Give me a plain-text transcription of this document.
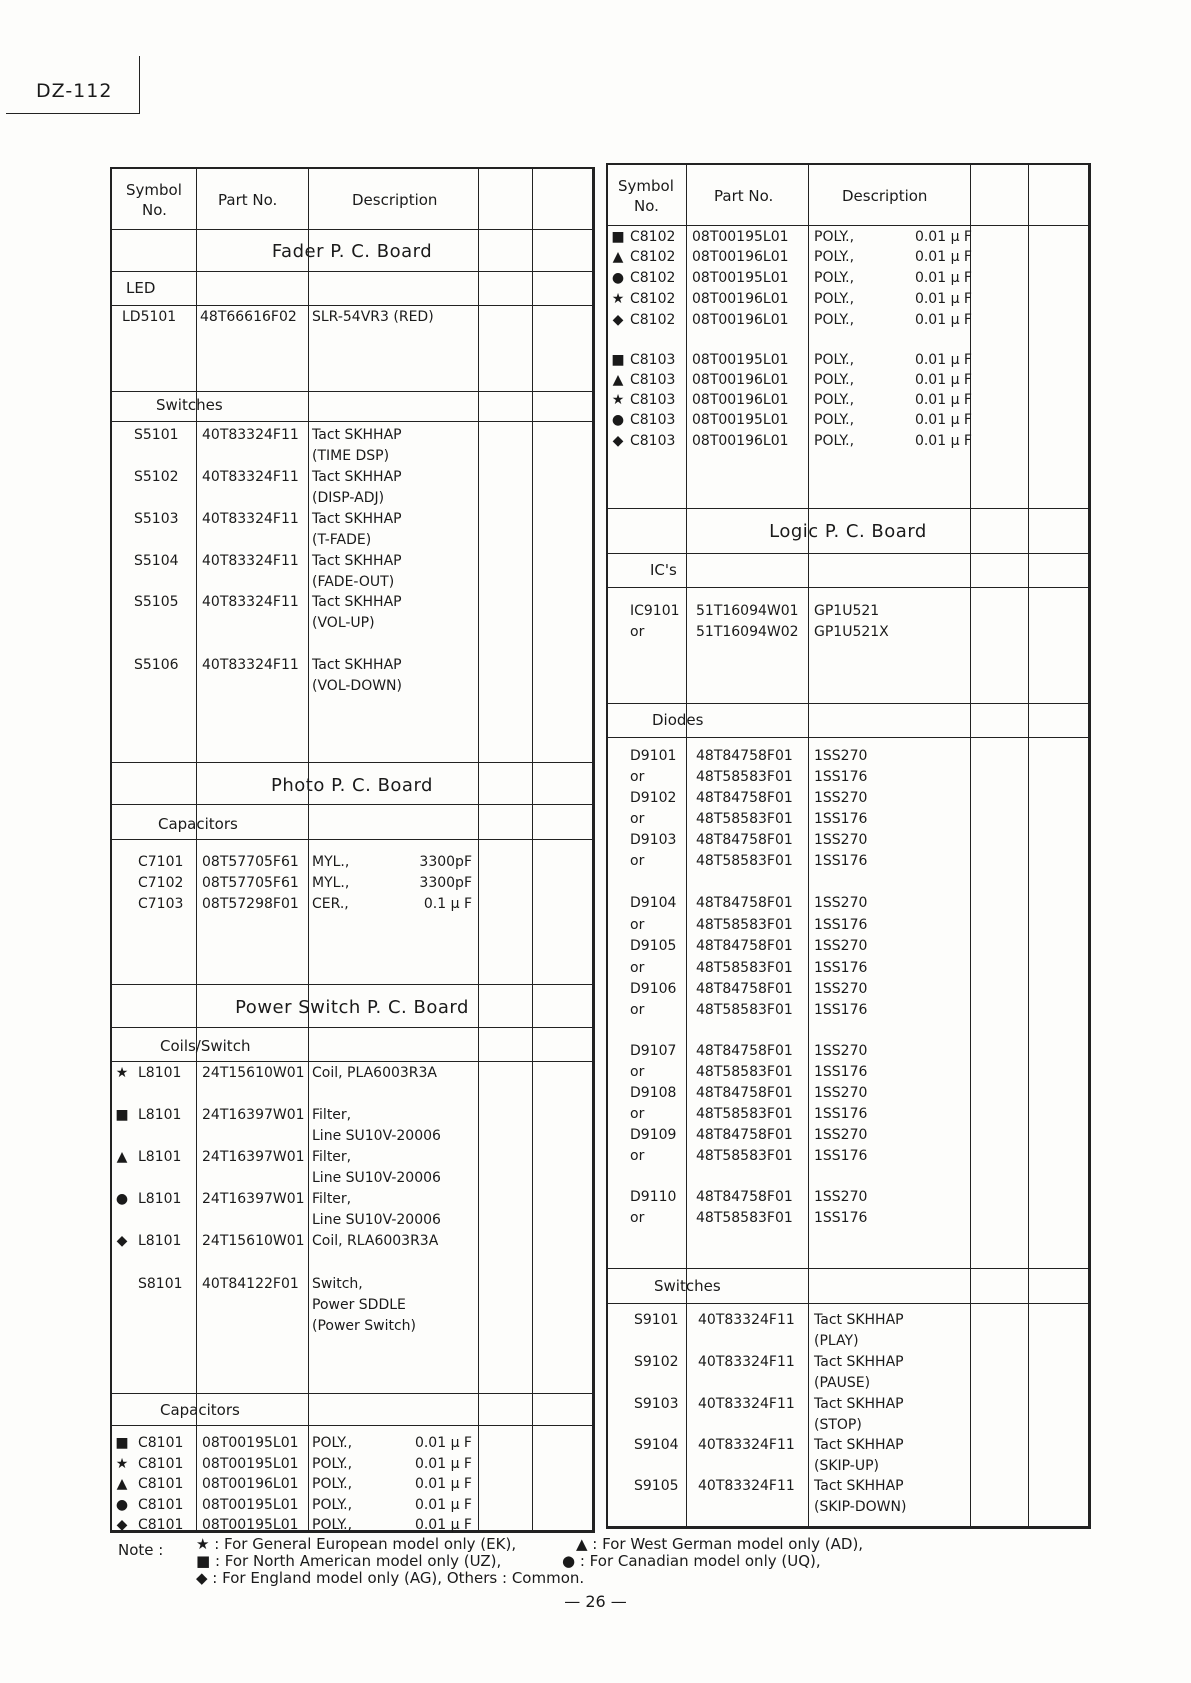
DZ-112
Symbol
No.
Part No.	Description
Fader P. C. Board
LED
LD5101 48T66616F02 SLR-54VR3 (RED)
Switches
S5101 40T83324F11 Tact SKHHAP
(TIME DSP)
S5102 40T83324F11 Tact SKHHAP
(DISP-ADJ)
S5103 40T83324F11 Tact SKHHAP
(T-FADE)
S5104 40T83324F11 Tact SKHHAP
(FADE-OUT)
S5105 40T83324F11 Tact SKHHAP
(VOL-UP)
S5106 40T83324F11 Tact SKHHAP
(VOL-DOWN)
Photo P. C. Board
Capacitors
C7101 08T57705F61 MYL.,	3300pF
C7102 08T57705F61 MYL.,	3300pF
C7103 08T57298F01 CER.,	0.1 μ F
Power Switch P. C. Board
Coils/Switch
★ L8101 24T15610W01 Coil, PLA6003R3A
■ L8101 24T16397W01 Filter,
Line SU10V-20006
▲ L8101 24T16397W01 Filter,
Line SU10V-20006
● L8101 24T16397W01 Filter,
Line SU10V-20006
◆ L8101 24T15610W01 Coil, RLA6003R3A
S8101 40T84122F01 Switch,
Power SDDLE
(Power Switch)
Capacitors
■ C8101 08T00195L01 POLY.,	0.01 μ F
★ C8101 08T00195L01 POLY.,	0.01 μ F
▲ C8101 08T00196L01 POLY.,	0.01 μ F
● C8101 08T00195L01 POLY.,	0.01 μ F
◆ C8101 08T00195L01 POLY.,	0.01 μ F
Symbol
No.
Part No.	Description
■ C8102 08T00195L01 POLY.,	0.01 μ F
▲ C8102 08T00196L01 POLY.,	0.01 μ F
● C8102 08T00195L01 POLY.,	0.01 μ F
★ C8102 08T00196L01 POLY.,	0.01 μ F
◆ C8102 08T00196L01 POLY.,	0.01 μ F
■ C8103 08T00195L01 POLY.,	0.01 μ F
▲ C8103 08T00196L01 POLY.,	0.01 μ F
★ C8103 08T00196L01 POLY.,	0.01 μ F
● C8103 08T00195L01 POLY.,	0.01 μ F
◆ C8103 08T00196L01 POLY.,	0.01 μ F
Logic P. C. Board
IC's
IC9101 51T16094W01 GP1U521
or	51T16094W02 GP1U521X
Diodes
D9101 48T84758F01 1SS270
or	48T58583F01 1SS176
D9102 48T84758F01 1SS270
or	48T58583F01 1SS176
D9103 48T84758F01 1SS270
or	48T58583F01 1SS176
D9104 48T84758F01 1SS270
or	48T58583F01 1SS176
D9105 48T84758F01 1SS270
or	48T58583F01 1SS176
D9106 48T84758F01 1SS270
or	48T58583F01 1SS176
D9107 48T84758F01 1SS270
or	48T58583F01 1SS176
D9108 48T84758F01 1SS270
or	48T58583F01 1SS176
D9109 48T84758F01 1SS270
or	48T58583F01 1SS176
D9110 48T84758F01 1SS270
or	48T58583F01 1SS176
Switches
S9101 40T83324F11 Tact SKHHAP
(PLAY)
S9102 40T83324F11 Tact SKHHAP
(PAUSE)
S9103 40T83324F11 Tact SKHHAP
(STOP)
S9104 40T83324F11 Tact SKHHAP
(SKIP-UP)
S9105 40T83324F11 Tact SKHHAP
(SKIP-DOWN)
Note : ★ : For General European model only (EK),	▲ : For West German model only (AD),
■ : For North American model only (UZ),	● : For Canadian model only (UQ),
◆ : For England model only (AG), Others : Common.
— 26 —
